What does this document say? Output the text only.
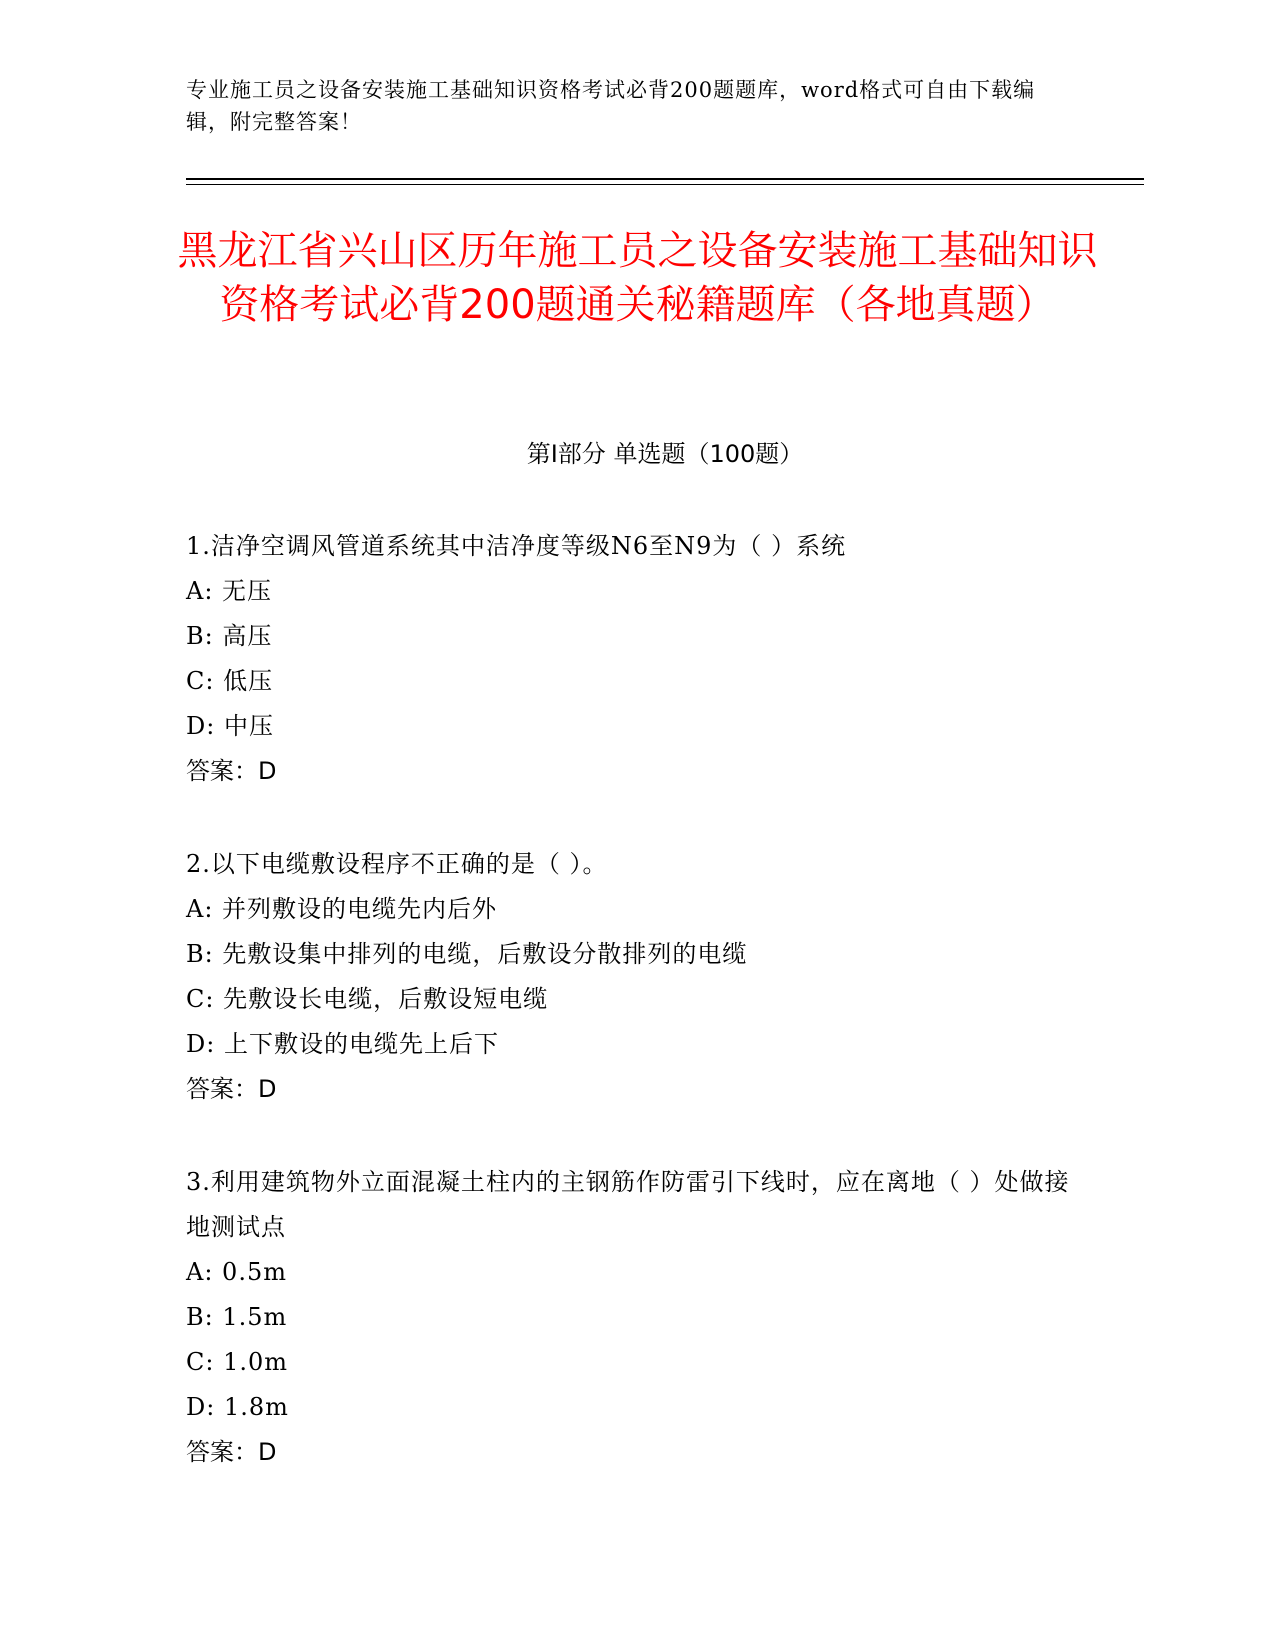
专业施工员之设备安装施工基础知识资格考试必背200题题库，word格式可自由下载编辑，附完整答案！
黑龙江省兴山区历年施工员之设备安装施工基础知识资格考试必背200题通关秘籍题库（各地真题）
第Ⅰ部分 单选题（100题）
1.洁净空调风管道系统其中洁净度等级N6至N9为（ ）系统
A: 无压
B: 高压
C: 低压
D: 中压
答案：D
2.以下电缆敷设程序不正确的是（ ）。
A: 并列敷设的电缆先内后外
B: 先敷设集中排列的电缆，后敷设分散排列的电缆
C: 先敷设长电缆，后敷设短电缆
D: 上下敷设的电缆先上后下
答案：D
3.利用建筑物外立面混凝土柱内的主钢筋作防雷引下线时，应在离地（ ）处做接地测试点
A: 0.5m
B: 1.5m
C: 1.0m
D: 1.8m
答案：D
